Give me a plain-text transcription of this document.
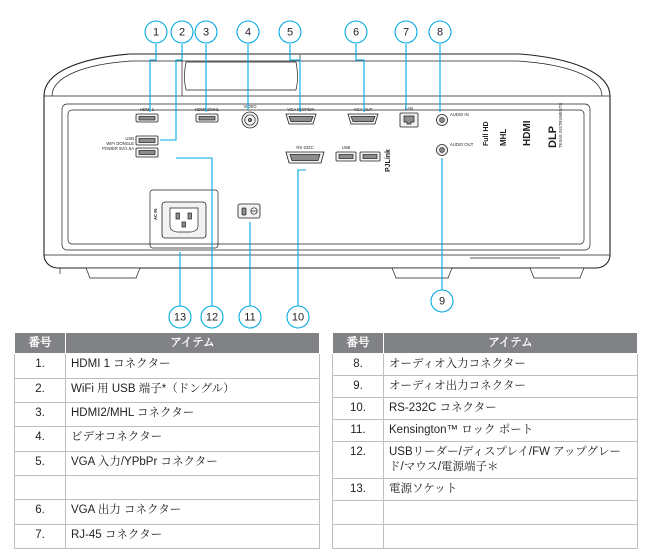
HDMI 1
USB
WIFI DONGLE
POWER 5V/1.5A
HDMI 2/MHL
VIDEO
VGA IN/YPbPr	VGA OUT	LAN
AUDIO IN
AUDIO OUT
RS-232C	USB
PJLink
AC IN
Full HD MHL HDMI DLP TEXAS INSTRUMENTS
1 2 3	4	5	6	7	8
9
10
11
12
13
番号	アイテム
1.	HDMI 1 コネクター
2.	WiFi 用 USB 端子*（ドングル）
3.	HDMI2/MHL コネクター
4.	ビデオコネクター
5.	VGA 入力/YPbPr コネクター

6.	VGA 出力 コネクター
7.	RJ-45 コネクター
番号	アイテム
8.	オーディオ入力コネクター
9.	オーディオ出力コネクター
10.	RS-232C コネクター
11.	Kensington™ ロック ポート
12.	USBリーダー/ディスプレイ/FW アップグレード/マウス/電源端子＊
13.	電源ソケット
